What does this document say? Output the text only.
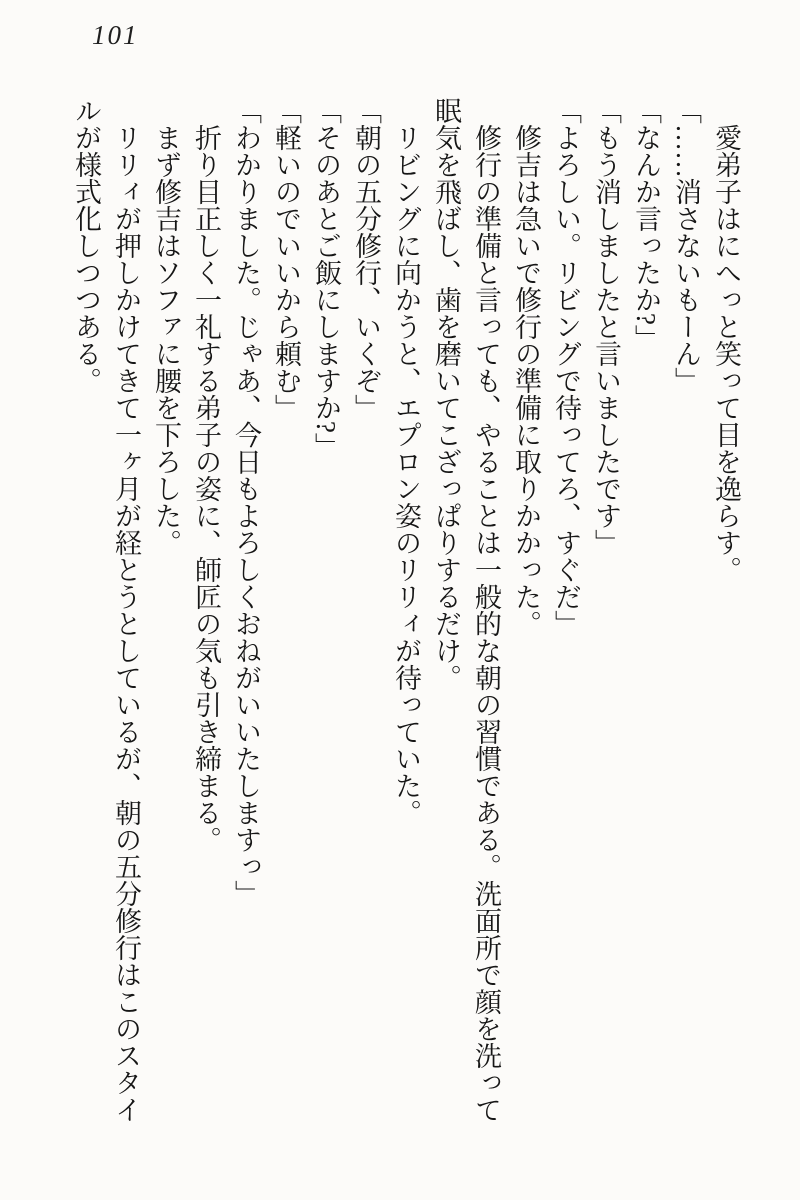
101

　愛弟子はにへっと笑って目を逸らす。

「……消さないもーん」

「なんか言ったか?」

「もう消しましたと言いましたです」

「よろしい。リビングで待ってろ、すぐだ」

　修吉は急いで修行の準備に取りかかった。

　修行の準備と言っても、やることは一般的な朝の習慣である。洗面所で顔を洗って眠気を飛ばし、歯を磨いてこざっぱりするだけ。

　リビングに向かうと、エプロン姿のリリィが待っていた。

「朝の五分修行、いくぞ」

「そのあとご飯にしますか?」

「軽いのでいいから頼む」

「わかりました。じゃあ、今日もよろしくおねがいいたしますっ」

　折り目正しく一礼する弟子の姿に、師匠の気も引き締まる。

　まず修吉はソファに腰を下ろした。

　リリィが押しかけてきて一ヶ月が経とうとしているが、朝の五分修行はこのスタイルが様式化しつつある。
